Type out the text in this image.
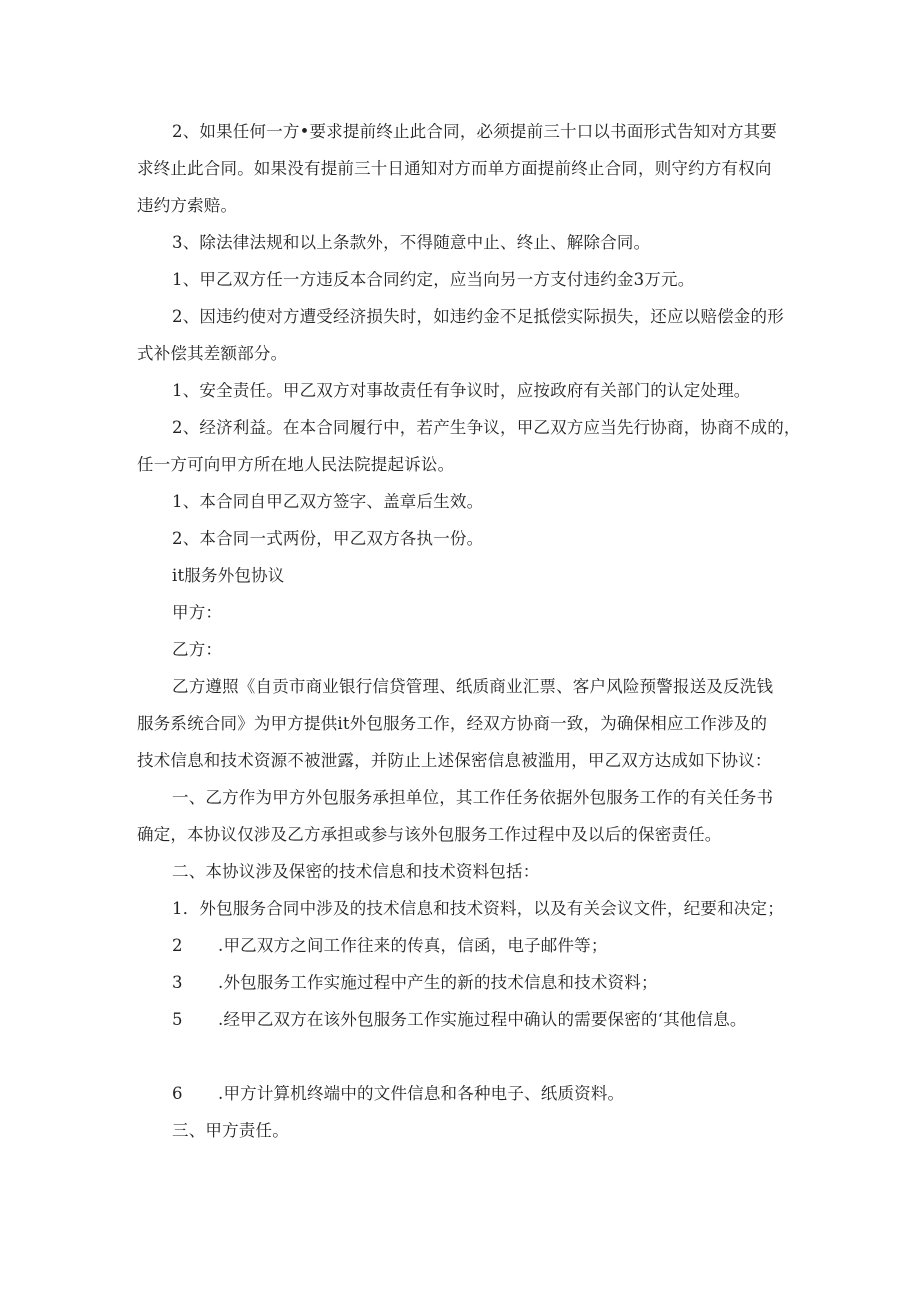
2、如果任何一方•要求提前终止此合同，必须提前三十口以书面形式告知对方其要

求终止此合同。如果没有提前三十日通知对方而单方面提前终止合同，则守约方有权向

违约方索赔。

3、除法律法规和以上条款外，不得随意中止、终止、解除合同。

1、甲乙双方任一方违反本合同约定，应当向另一方支付违约金3万元。

2、因违约使对方遭受经济损失时，如违约金不足抵偿实际损失，还应以赔偿金的形

式补偿其差额部分。

1、安全责任。甲乙双方对事故责任有争议时，应按政府有关部门的认定处理。

2、经济利益。在本合同履行中，若产生争议，甲乙双方应当先行协商，协商不成的，

任一方可向甲方所在地人民法院提起诉讼。

1、本合同自甲乙双方签字、盖章后生效。

2、本合同一式两份，甲乙双方各执一份。

it服务外包协议

甲方：

乙方：

乙方遵照《自贡市商业银行信贷管理、纸质商业汇票、客户风险预警报送及反洗钱

服务系统合同》为甲方提供it外包服务工作，经双方协商一致，为确保相应工作涉及的

技术信息和技术资源不被泄露，并防止上述保密信息被滥用，甲乙双方达成如下协议：

一、乙方作为甲方外包服务承担单位，其工作任务依据外包服务工作的有关任务书

确定，本协议仅涉及乙方承担或参与该外包服务工作过程中及以后的保密责任。

二、本协议涉及保密的技术信息和技术资料包括：

1．外包服务合同中涉及的技术信息和技术资料，以及有关会议文件，纪要和决定；

2 .甲乙双方之间工作往来的传真，信函，电子邮件等；
3 .外包服务工作实施过程中产生的新的技术信息和技术资料；
5 .经甲乙双方在该外包服务工作实施过程中确认的需要保密的‘其他信息。
6 .甲方计算机终端中的文件信息和各种电子、纸质资料。

三、甲方责任。
